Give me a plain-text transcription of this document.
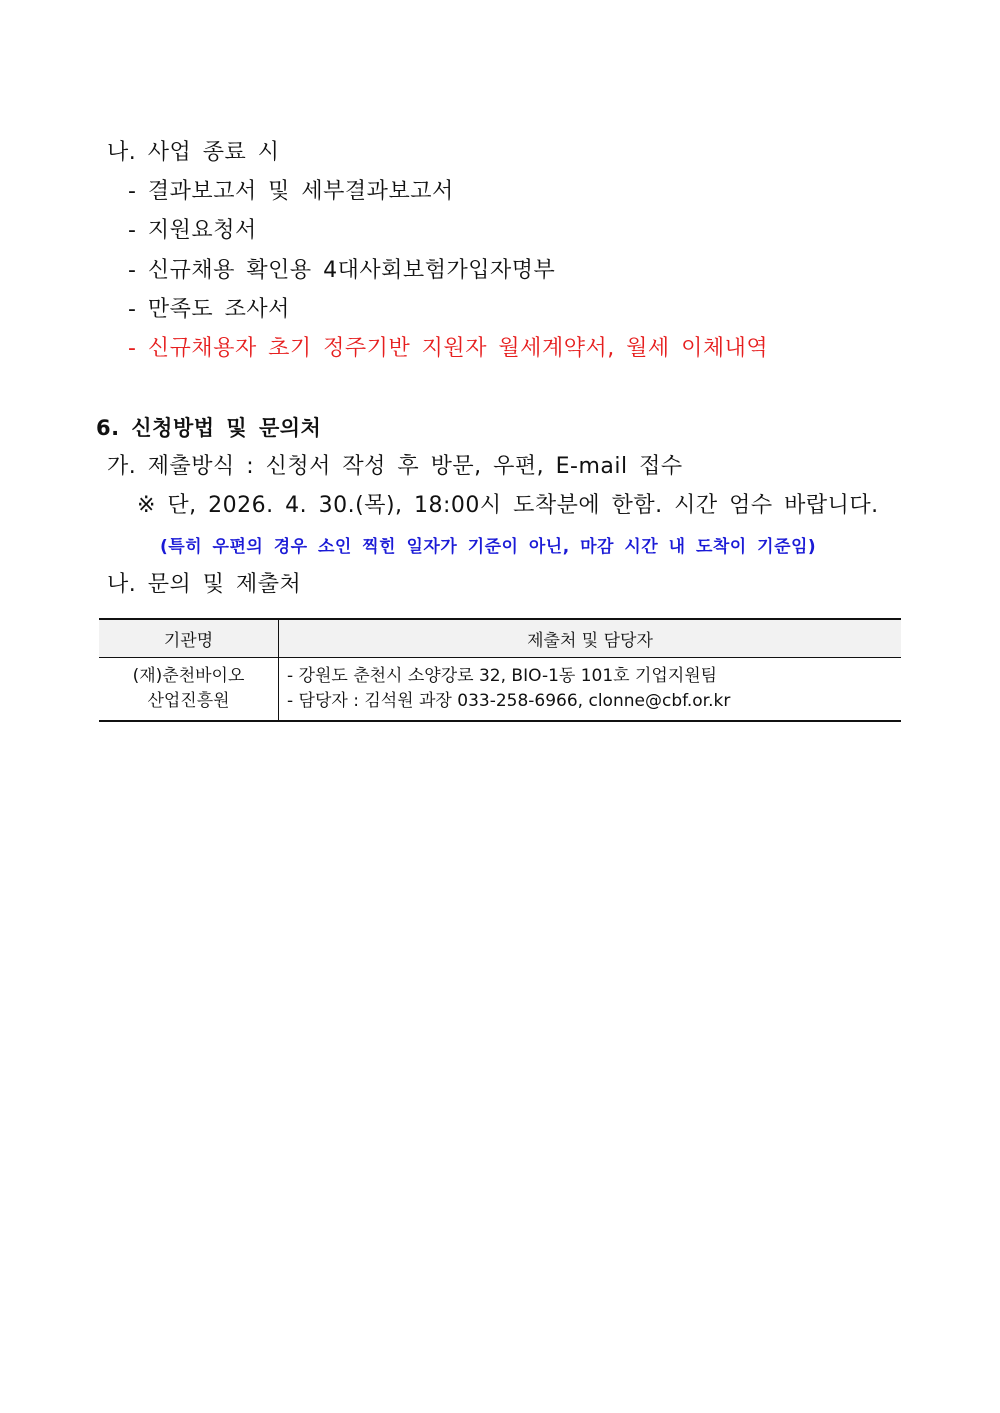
나. 사업 종료 시
- 결과보고서 및 세부결과보고서
- 지원요청서
- 신규채용 확인용 4대사회보험가입자명부
- 만족도 조사서
- 신규채용자 초기 정주기반 지원자 월세계약서, 월세 이체내역
6. 신청방법 및 문의처
가. 제출방식 : 신청서 작성 후 방문, 우편, E-mail 접수
※ 단, 2026. 4. 30.(목), 18:00시 도착분에 한함. 시간 엄수 바랍니다.
(특히 우편의 경우 소인 찍힌 일자가 기준이 아닌, 마감 시간 내 도착이 기준임)
나. 문의 및 제출처
기관명	제출처 및 담당자

(재)춘천바이오
산업진흥원	- 강원도 춘천시 소양강로 32, BIO-1동 101호 기업지원팀
- 담당자 : 김석원 과장 033-258-6966, clonne@cbf.or.kr
